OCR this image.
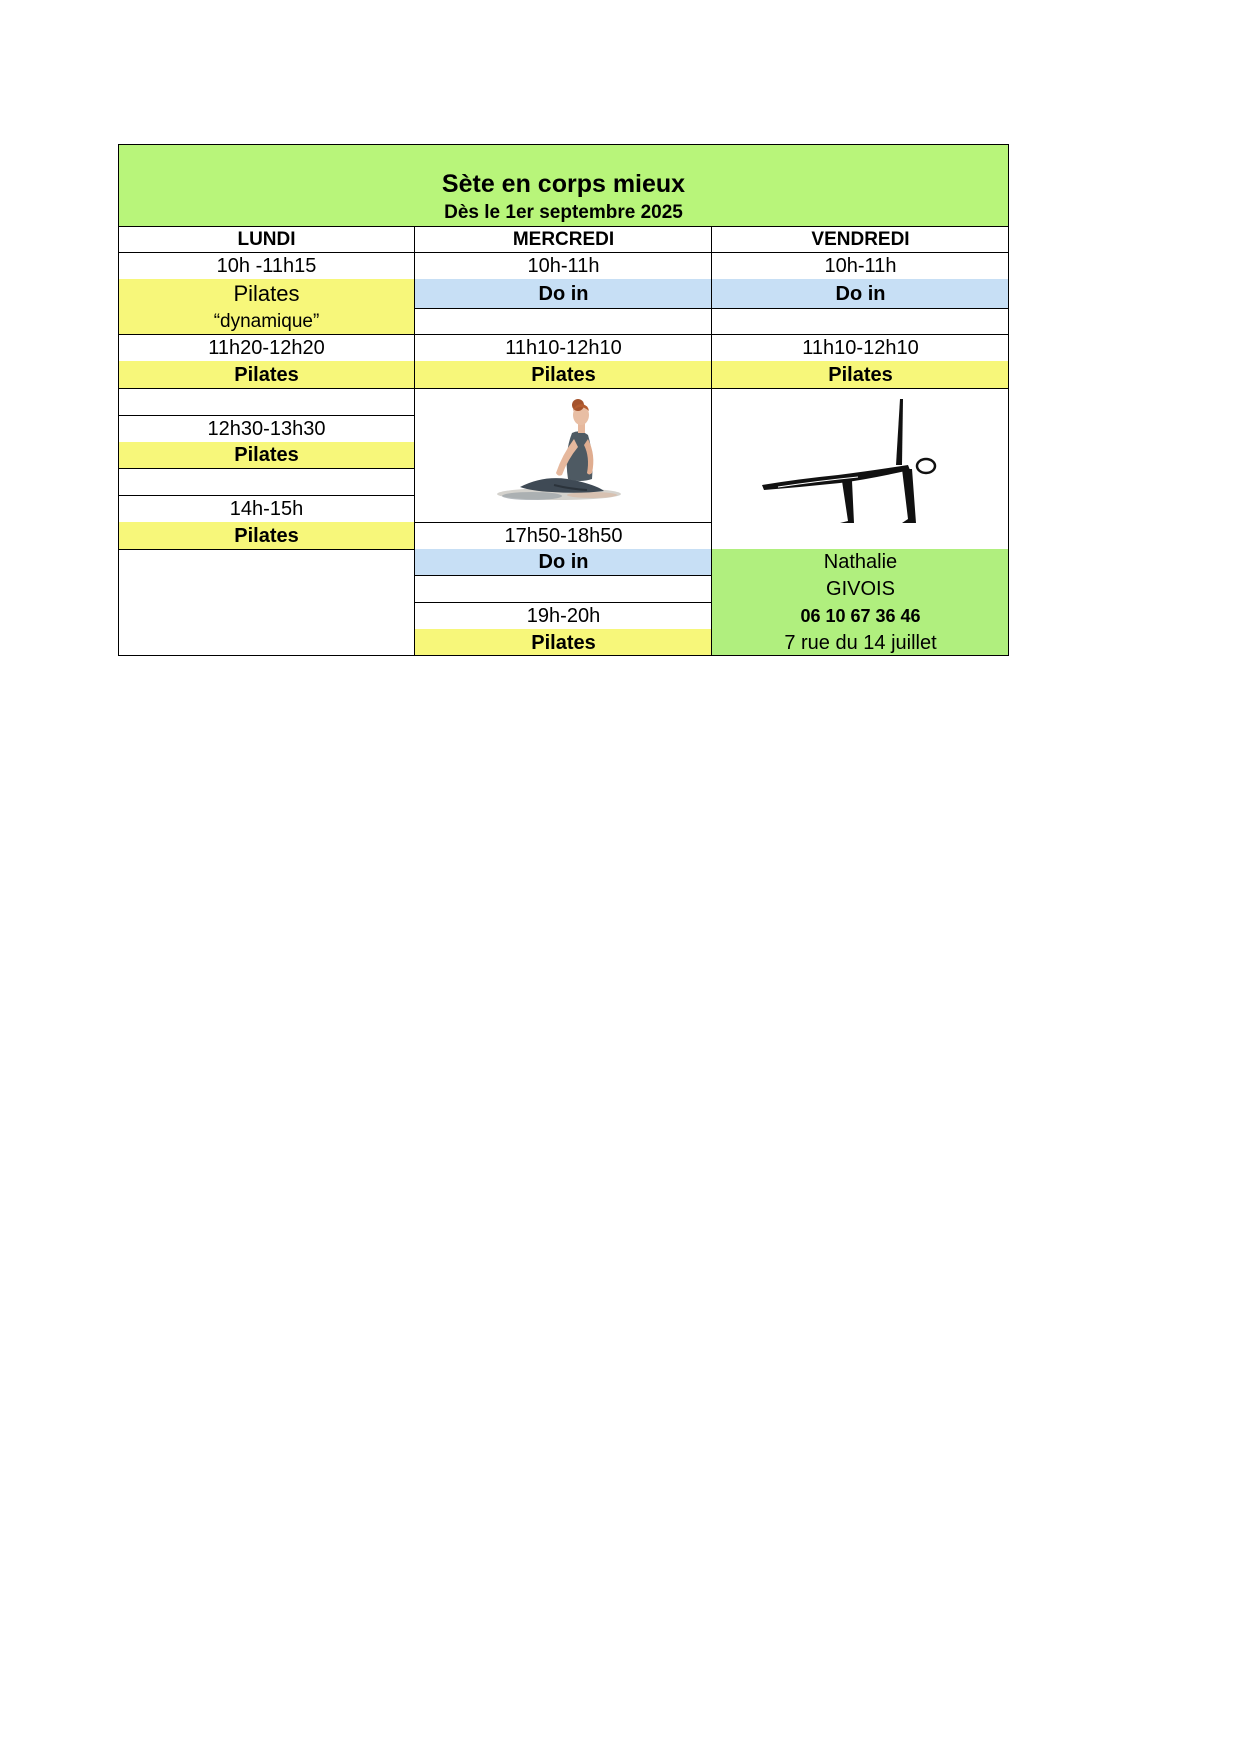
Sète en corps mieux
Dès le 1er septembre 2025
LUNDI	MERCREDI	VENDREDI
10h -11h15
Pilates
“dynamique”
11h20-12h20
Pilates
12h30-13h30
Pilates
14h-15h
Pilates
10h-11h
Do in
11h10-12h10
Pilates
17h50-18h50
Do in
19h-20h
Pilates
10h-11h
Do in
11h10-12h10
Pilates
Nathalie
GIVOIS
06 10 67 36 46
7 rue du 14 juillet
